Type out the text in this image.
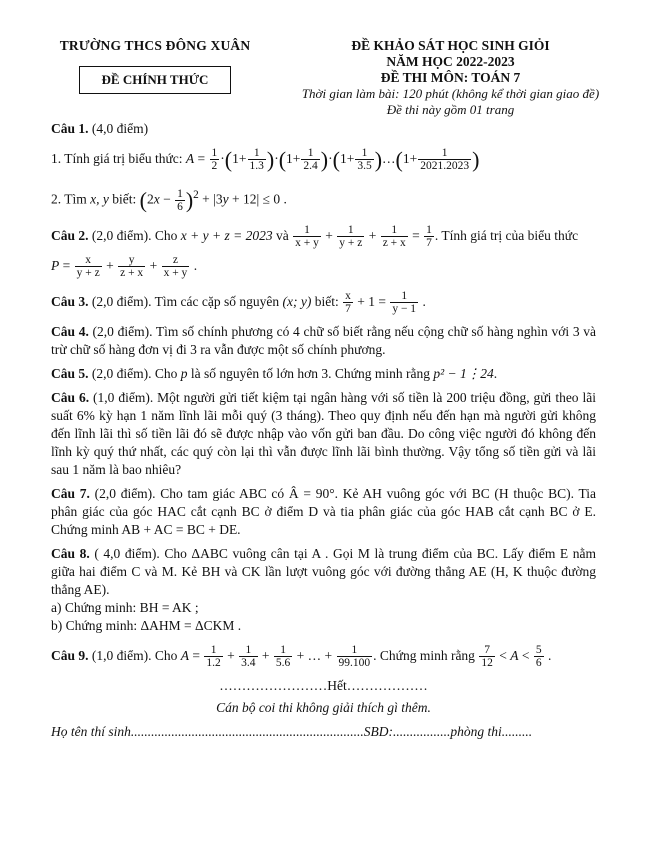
TRƯỜNG THCS ĐÔNG XUÂN
ĐỀ CHÍNH THỨC
ĐỀ KHẢO SÁT HỌC SINH GIỎI
NĂM HỌC 2022-2023
ĐỀ THI MÔN: TOÁN 7
Thời gian làm bài: 120 phút (không kể thời gian giao đề)
Đề thi này gồm 01 trang
Câu 1. (4,0 điểm)
1. Tính giá trị biểu thức: $A = \frac{1}{2} \cdot(1+ \frac{1}{1.3} )\cdot(1+ \frac{1}{2.4} )\cdot(1+ \frac{1}{3.5}$ )…(1+ $\frac{1}{2021.2023}$ )
2. Tìm x, y biết: $(2x - \frac{1}{6} )^2 + |3y + 12| \le 0$ .
Câu 2. (2,0 điểm). Cho x + y + z = 2023 và $\frac{1}{x + y} + \frac{1}{y + z} + \frac{1}{z + x} = \frac{1}{7}$ . Tính giá trị của biểu thức
$P = \frac{x}{y + z} + \frac{y}{z + x} + \frac{z}{x + y}$ .
Câu 3. (2,0 điểm). Tìm các cặp số nguyên (x; y) biết: $\frac{x}{7} + 1 = \frac{1}{y - 1}$ .
Câu 4. (2,0 điểm). Tìm số chính phương có 4 chữ số biết rằng nếu cộng chữ số hàng nghìn với 3 và trừ chữ số hàng đơn vị đi 3 ra vẫn được một số chính phương.
Câu 5. (2,0 điểm). Cho p là số nguyên tố lớn hơn 3. Chứng minh rằng p² − 1⋮24.
Câu 6. (1,0 điểm). Một người gửi tiết kiệm tại ngân hàng với số tiền là 200 triệu đồng, gửi theo lãi suất 6% kỳ hạn 1 năm lĩnh lãi mỗi quý (3 tháng). Theo quy định nếu đến hạn mà người gửi không đến lĩnh lãi thì số tiền lãi đó sẽ được nhập vào vốn gửi ban đầu. Do công việc người đó không đến lĩnh kỳ quý thứ nhất, các quý còn lại thì vẫn được lĩnh lãi bình thường. Vậy tổng số tiền gửi và lãi sau 1 năm là bao nhiêu?
Câu 7. (2,0 điểm). Cho tam giác ABC có Â = 90°. Kẻ AH vuông góc với BC (H thuộc BC). Tia phân giác của góc HAC cắt cạnh BC ở điểm D và tia phân giác của góc HAB cắt cạnh BC ở E. Chứng minh AB + AC = BC + DE.
Câu 8. ( 4,0 điểm). Cho ΔABC vuông cân tại A . Gọi M là trung điểm của BC. Lấy điểm E nằm giữa hai điểm C và M. Kẻ BH và CK lần lượt vuông góc với đường thẳng AE (H, K thuộc đường thẳng AE).
a) Chứng minh: BH = AK ;
b) Chứng minh: ΔAHM = ΔCKM .
Câu 9. (1,0 điểm). Cho $A = \frac{1}{1.2} + \frac{1}{3.4} + \frac{1}{5.6}$ + … + $\frac{1}{99.100}$ . Chứng minh rằng $\frac{7}{12} < A < \frac{5}{6}$ .
……………………Hết………………
Cán bộ coi thi không giải thích gì thêm.
Họ tên thí sinh.....................................................................SBD:.................phòng thi.........
